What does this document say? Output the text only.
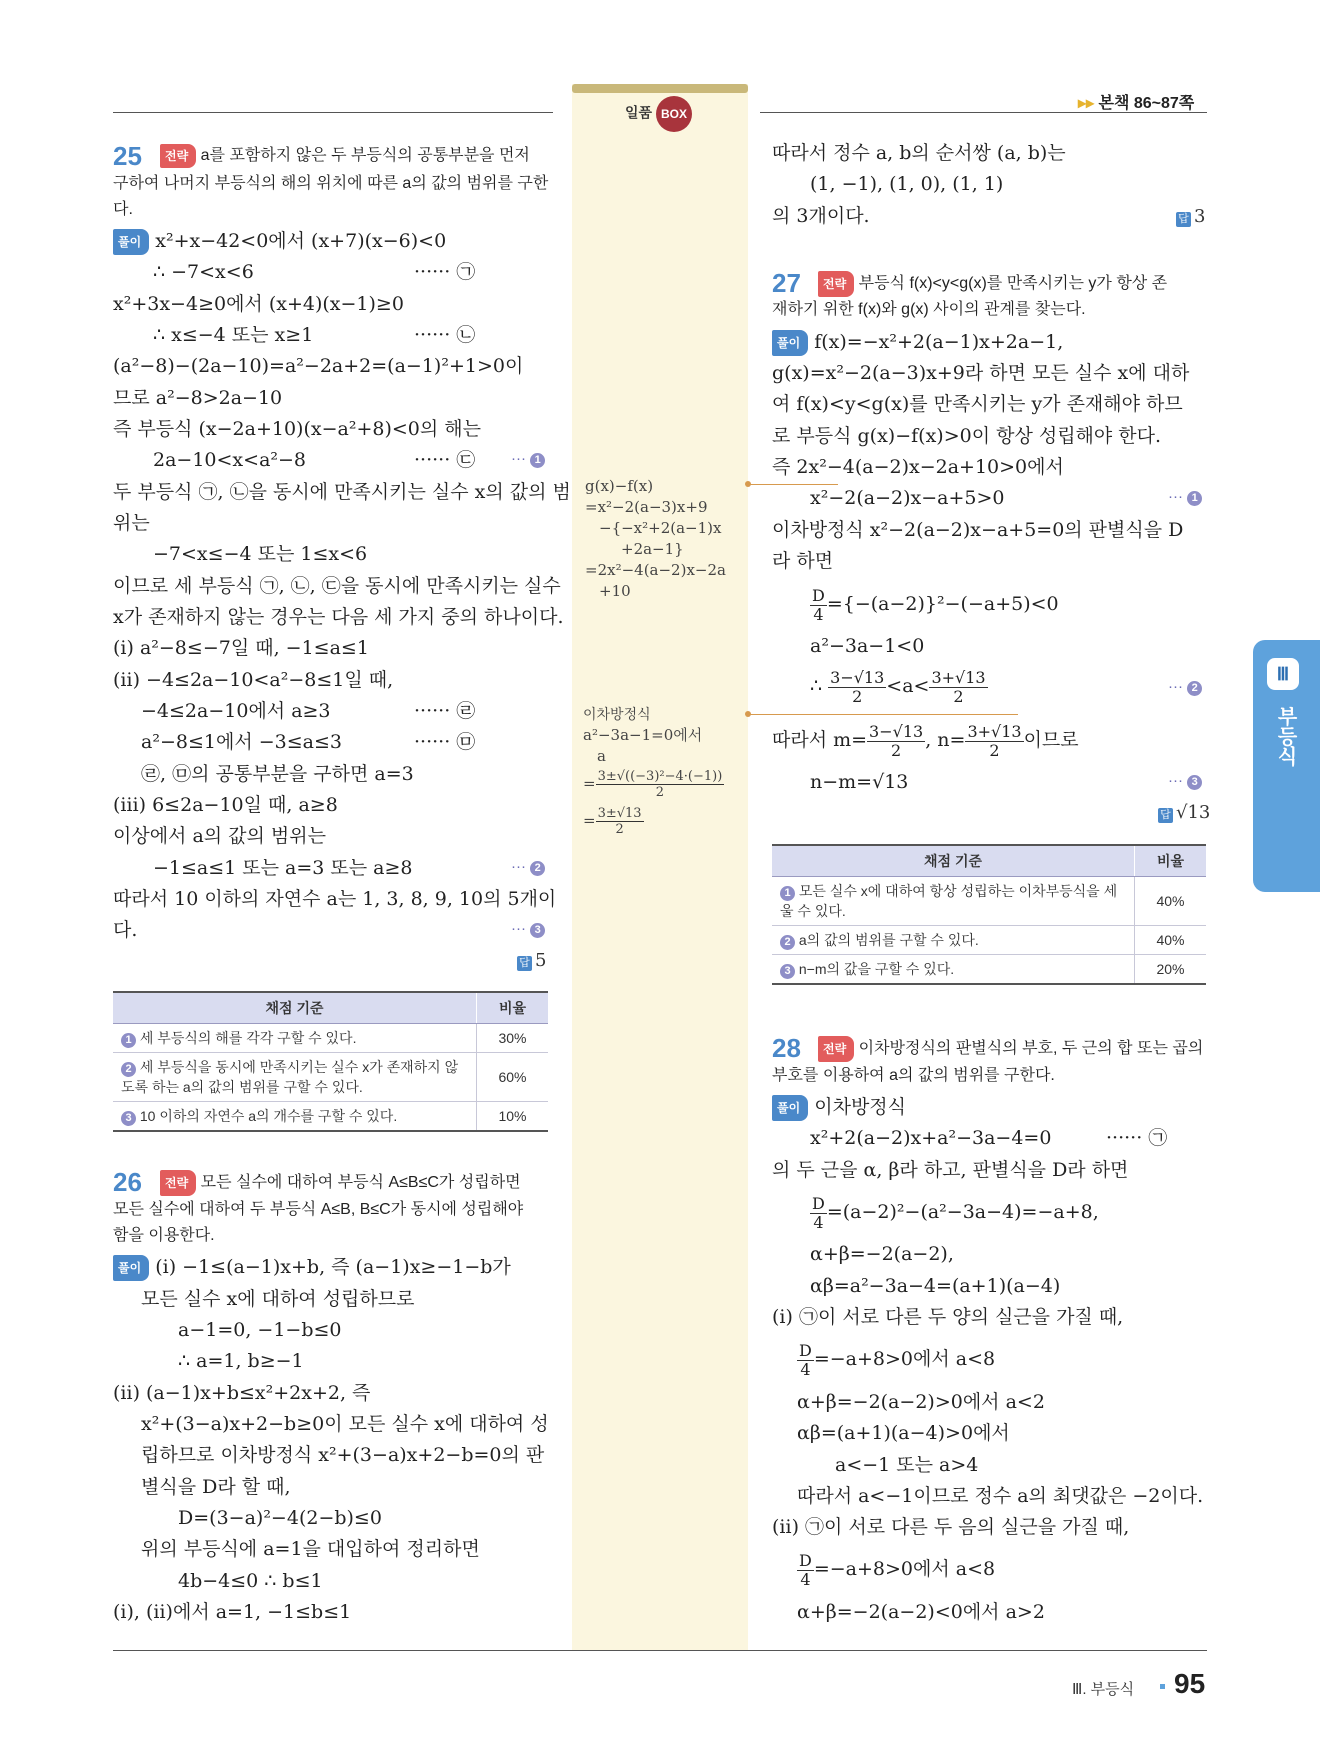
일품 BOX
▸▸ 본책 86~87쪽
25	전략 a를 포함하지 않은 두 부등식의 공통부분을 먼저
구하여 나머지 부등식의 해의 위치에 따른 a의 값의 범위를 구한
다.
풀이 x²+x−42<0에서 (x+7)(x−6)<0
∴ −7<x<6	······ ㉠
x²+3x−4≥0에서 (x+4)(x−1)≥0
∴ x≤−4 또는 x≥1	······ ㉡
(a²−8)−(2a−10)=a²−2a+2=(a−1)²+1>0이
므로 a²−8>2a−10
즉 부등식 (x−2a+10)(x−a²+8)<0의 해는
2a−10<x<a²−8	······ ㉢ ··· 1
두 부등식 ㉠, ㉡을 동시에 만족시키는 실수 x의 값의 범
위는
−7<x≤−4 또는 1≤x<6
이므로 세 부등식 ㉠, ㉡, ㉢을 동시에 만족시키는 실수
x가 존재하지 않는 경우는 다음 세 가지 중의 하나이다.
(ⅰ) a²−8≤−7일 때, −1≤a≤1
(ⅱ) −4≤2a−10<a²−8≤1일 때,
−4≤2a−10에서 a≥3	······ ㉣
a²−8≤1에서 −3≤a≤3	······ ㉤
㉣, ㉤의 공통부분을 구하면 a=3
(ⅲ) 6≤2a−10일 때, a≥8
이상에서 a의 값의 범위는
−1≤a≤1 또는 a=3 또는 a≥8	··· 2
따라서 10 이하의 자연수 a는 1, 3, 8, 9, 10의 5개이
다.	··· 3
답 5
채점 기준	비율
1 세 부등식의 해를 각각 구할 수 있다.	30%
2 세 부등식을 동시에 만족시키는 실수 x가 존재하지 않도록 하는 a의 값의 범위를 구할 수 있다.	60%
3 10 이하의 자연수 a의 개수를 구할 수 있다.	10%
26	전략 모든 실수에 대하여 부등식 A≤B≤C가 성립하면
모든 실수에 대하여 두 부등식 A≤B, B≤C가 동시에 성립해야
함을 이용한다.
풀이 (ⅰ) −1≤(a−1)x+b, 즉 (a−1)x≥−1−b가
모든 실수 x에 대하여 성립하므로
a−1=0, −1−b≤0
∴ a=1, b≥−1
(ⅱ) (a−1)x+b≤x²+2x+2, 즉
x²+(3−a)x+2−b≥0이 모든 실수 x에 대하여 성
립하므로 이차방정식 x²+(3−a)x+2−b=0의 판
별식을 D라 할 때,
D=(3−a)²−4(2−b)≤0
위의 부등식에 a=1을 대입하여 정리하면
4b−4≤0 ∴ b≤1
(ⅰ), (ⅱ)에서 a=1, −1≤b≤1
g(x)−f(x)
=x²−2(a−3)x+9
−{−x²+2(a−1)x
+2a−1}
=2x²−4(a−2)x−2a
+10
이차방정식
a²−3a−1=0에서
a
= $\frac{\text{3±√((−3)²−4·(−1))}}{2}$
= $\frac{3\pm√13}{2}$
따라서 정수 a, b의 순서쌍 (a, b)는
(1, −1), (1, 0), (1, 1)
의 3개이다.	답 3
27	전략 부등식 f(x)<y<g(x)를 만족시키는 y가 항상 존
재하기 위한 f(x)와 g(x) 사이의 관계를 찾는다.
풀이 f(x)=−x²+2(a−1)x+2a−1,
g(x)=x²−2(a−3)x+9라 하면 모든 실수 x에 대하
여 f(x)<y<g(x)를 만족시키는 y가 존재해야 하므
로 부등식 g(x)−f(x)>0이 항상 성립해야 한다.
즉 2x²−4(a−2)x−2a+10>0에서
x²−2(a−2)x−a+5>0	··· 1
이차방정식 x²−2(a−2)x−a+5=0의 판별식을 D
라 하면
$\frac{D}{4} =\{-(a-2)\}^2-(-a+5)<0$
a²−3a−1<0
∴ $\frac{3-√13}{2} <a< \frac{3+√13}{2}$	··· 2
따라서 $m= \frac{3-√13}{2}$ , $n= \frac{3+√13}{2}$ 이므로
n−m=√13	··· 3
답 √13
채점 기준	비율
1 모든 실수 x에 대하여 항상 성립하는 이차부등식을 세울 수 있다.	40%
2 a의 값의 범위를 구할 수 있다.	40%
3 n−m의 값을 구할 수 있다.	20%
28	전략 이차방정식의 판별식의 부호, 두 근의 합 또는 곱의
부호를 이용하여 a의 값의 범위를 구한다.
풀이 이차방정식
x²+2(a−2)x+a²−3a−4=0	······ ㉠
의 두 근을 α, β라 하고, 판별식을 D라 하면
$\frac{D}{4} =(a-2)^2-(a^2-3a-4)=-a+8$,
α+β=−2(a−2),
αβ=a²−3a−4=(a+1)(a−4)
(ⅰ) ㉠이 서로 다른 두 양의 실근을 가질 때,
$\frac{D}{4} =-a+8>0$에서 a<8
α+β=−2(a−2)>0에서 a<2
αβ=(a+1)(a−4)>0에서
a<−1 또는 a>4
따라서 a<−1이므로 정수 a의 최댓값은 −2이다.
(ⅱ) ㉠이 서로 다른 두 음의 실근을 가질 때,
$\frac{D}{4} =-a+8>0$에서 a<8
α+β=−2(a−2)<0에서 a>2
Ⅲ
부등식
Ⅲ. 부등식 95
